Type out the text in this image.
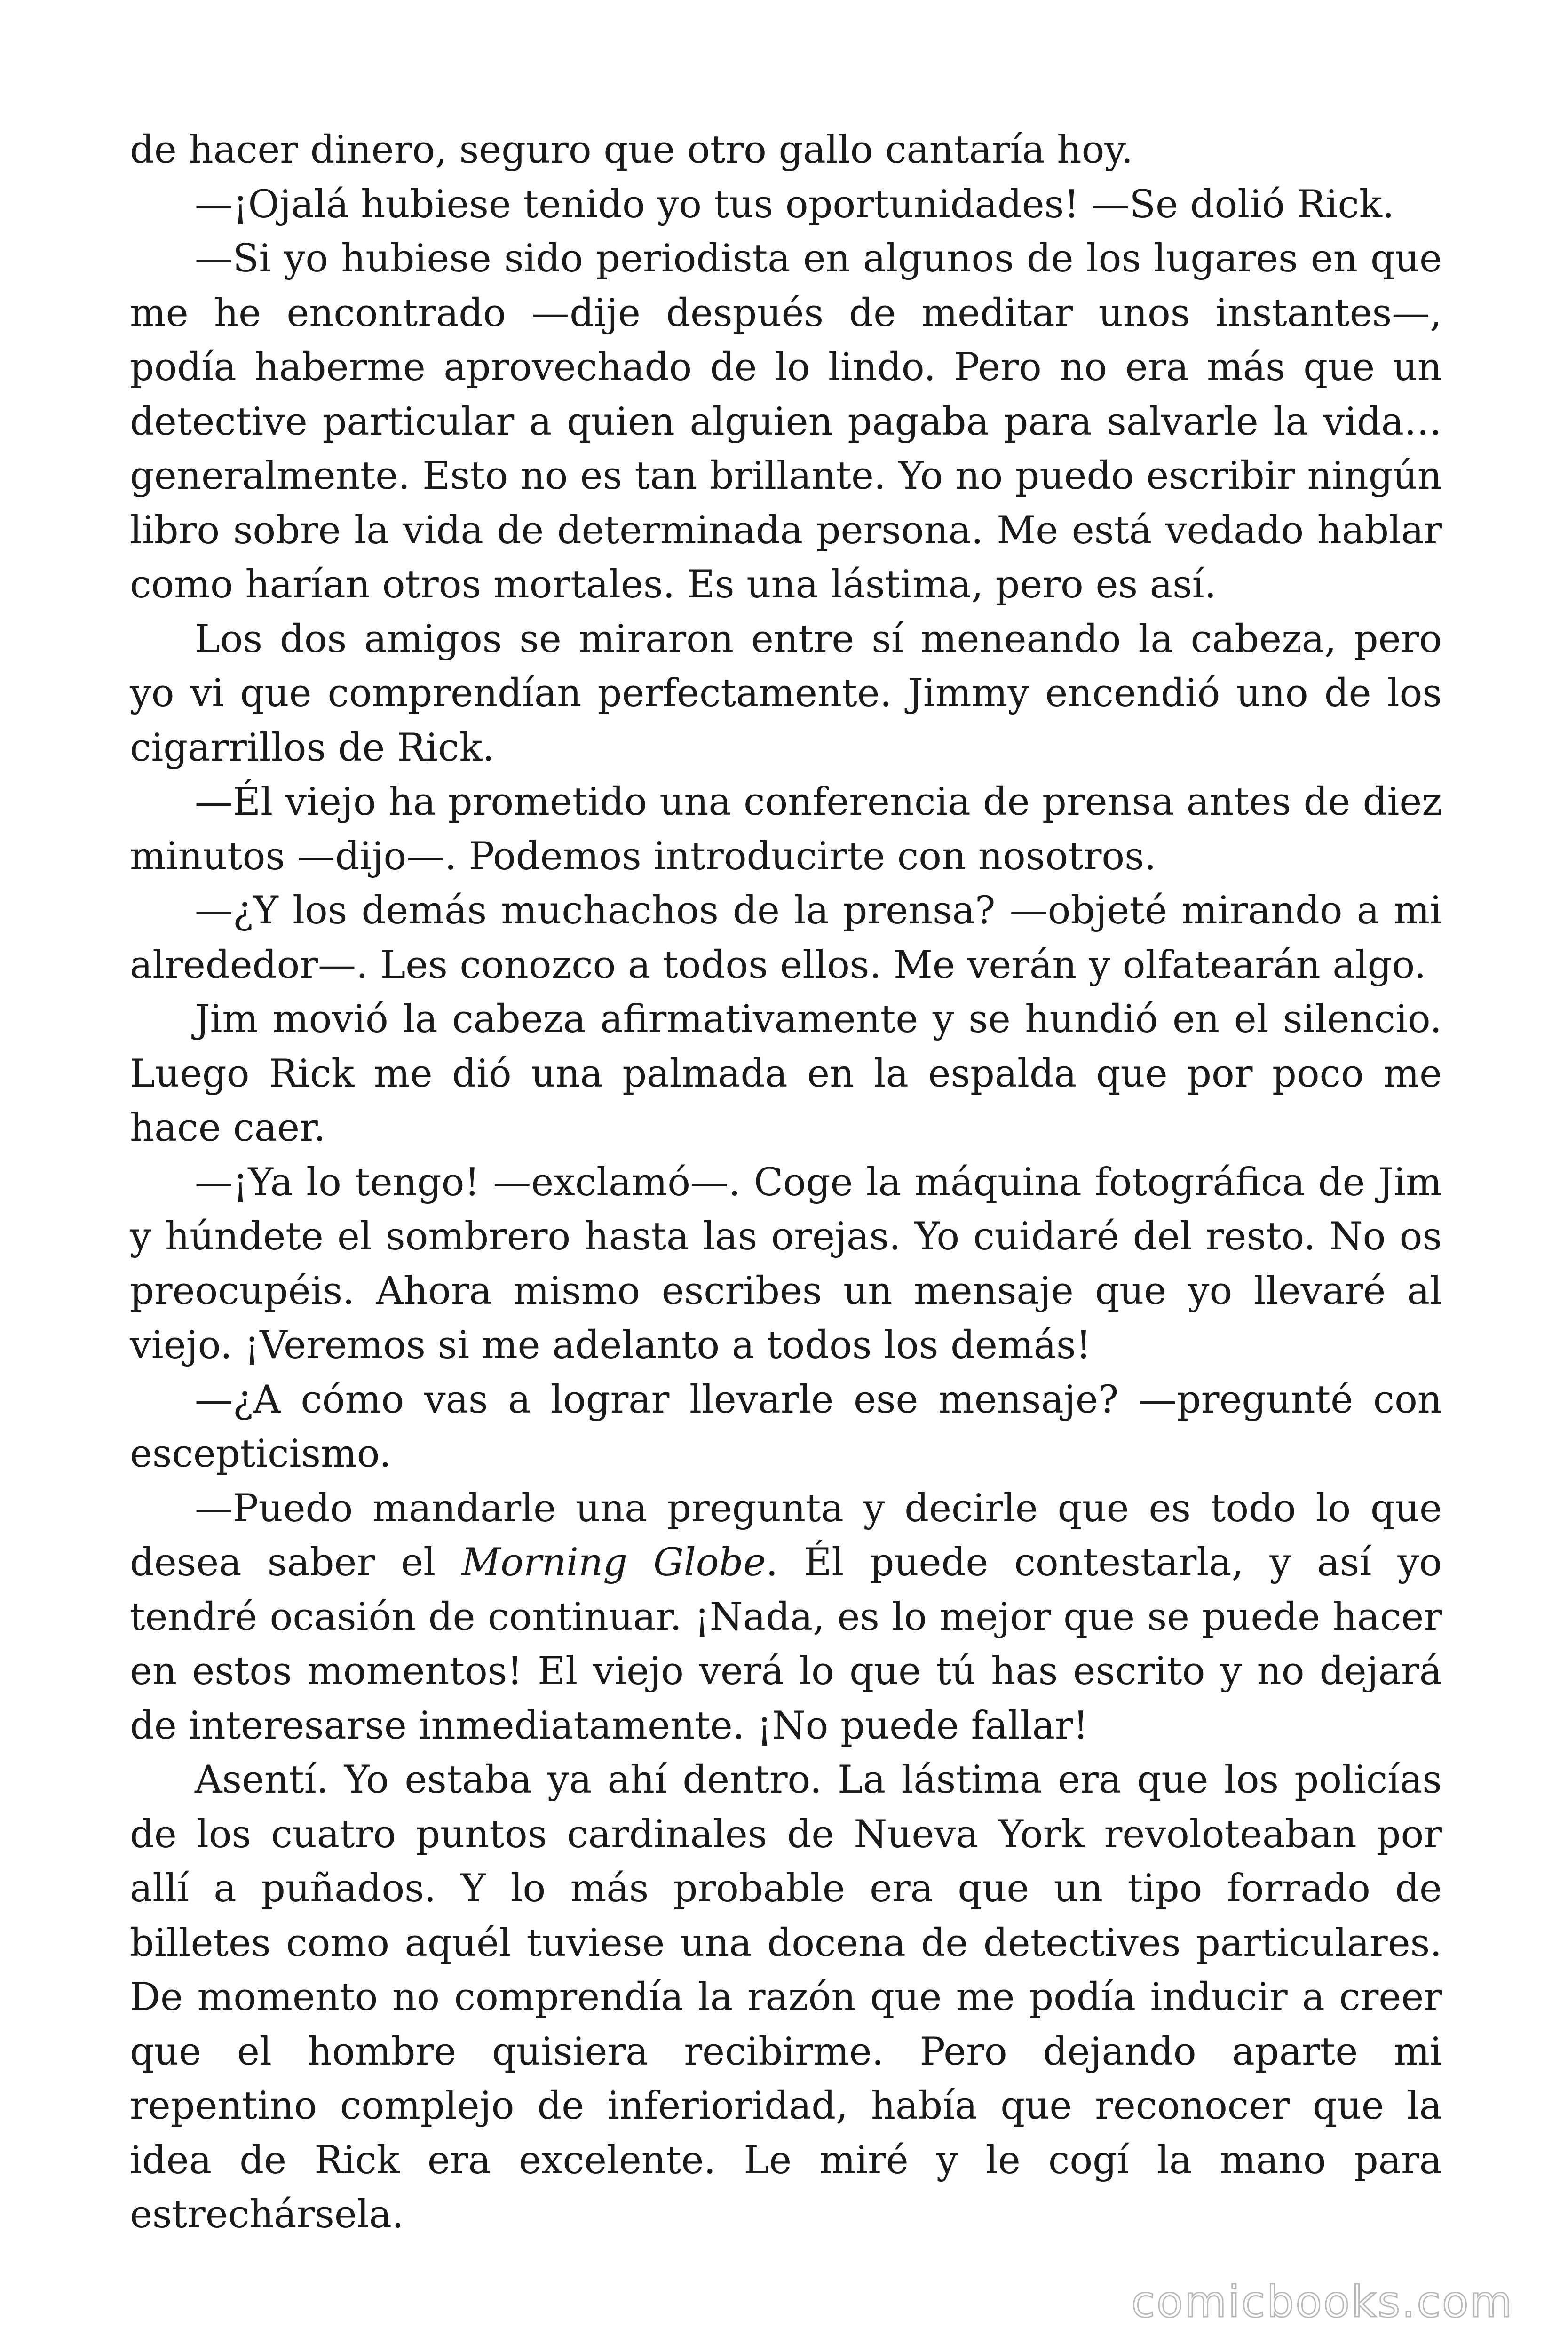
de hacer dinero, seguro que otro gallo cantaría hoy.

—¡Ojalá hubiese tenido yo tus oportunidades! —Se dolió Rick.

—Si yo hubiese sido periodista en algunos de los lugares en que me he encontrado —dije después de meditar unos instantes—, podía haberme aprovechado de lo lindo. Pero no era más que un detective particular a quien alguien pagaba para salvarle la vida… generalmente. Esto no es tan brillante. Yo no puedo escribir ningún libro sobre la vida de determinada persona. Me está vedado hablar como harían otros mortales. Es una lástima, pero es así.

Los dos amigos se miraron entre sí meneando la cabeza, pero yo vi que comprendían perfectamente. Jimmy encendió uno de los cigarrillos de Rick.

—Él viejo ha prometido una conferencia de prensa antes de diez minutos —dijo—. Podemos introducirte con nosotros.

—¿Y los demás muchachos de la prensa? —objeté mirando a mi alrededor—. Les conozco a todos ellos. Me verán y olfatearán algo.

Jim movió la cabeza afirmativamente y se hundió en el silencio. Luego Rick me dió una palmada en la espalda que por poco me hace caer.

—¡Ya lo tengo! —exclamó—. Coge la máquina fotográfica de Jim y húndete el sombrero hasta las orejas. Yo cuidaré del resto. No os preocupéis. Ahora mismo escribes un mensaje que yo llevaré al viejo. ¡Veremos si me adelanto a todos los demás!

—¿A cómo vas a lograr llevarle ese mensaje? —pregunté con escepticismo.

—Puedo mandarle una pregunta y decirle que es todo lo que desea saber el Morning Globe. Él puede contestarla, y así yo tendré ocasión de continuar. ¡Nada, es lo mejor que se puede hacer en estos momentos! El viejo verá lo que tú has escrito y no dejará de interesarse inmediatamente. ¡No puede fallar!

Asentí. Yo estaba ya ahí dentro. La lástima era que los policías de los cuatro puntos cardinales de Nueva York revoloteaban por allí a puñados. Y lo más probable era que un tipo forrado de billetes como aquél tuviese una docena de detectives particulares. De momento no comprendía la razón que me podía inducir a creer que el hombre quisiera recibirme. Pero dejando aparte mi repentino complejo de inferioridad, había que reconocer que la idea de Rick era excelente. Le miré y le cogí la mano para estrechársela.

comicbooks.com
